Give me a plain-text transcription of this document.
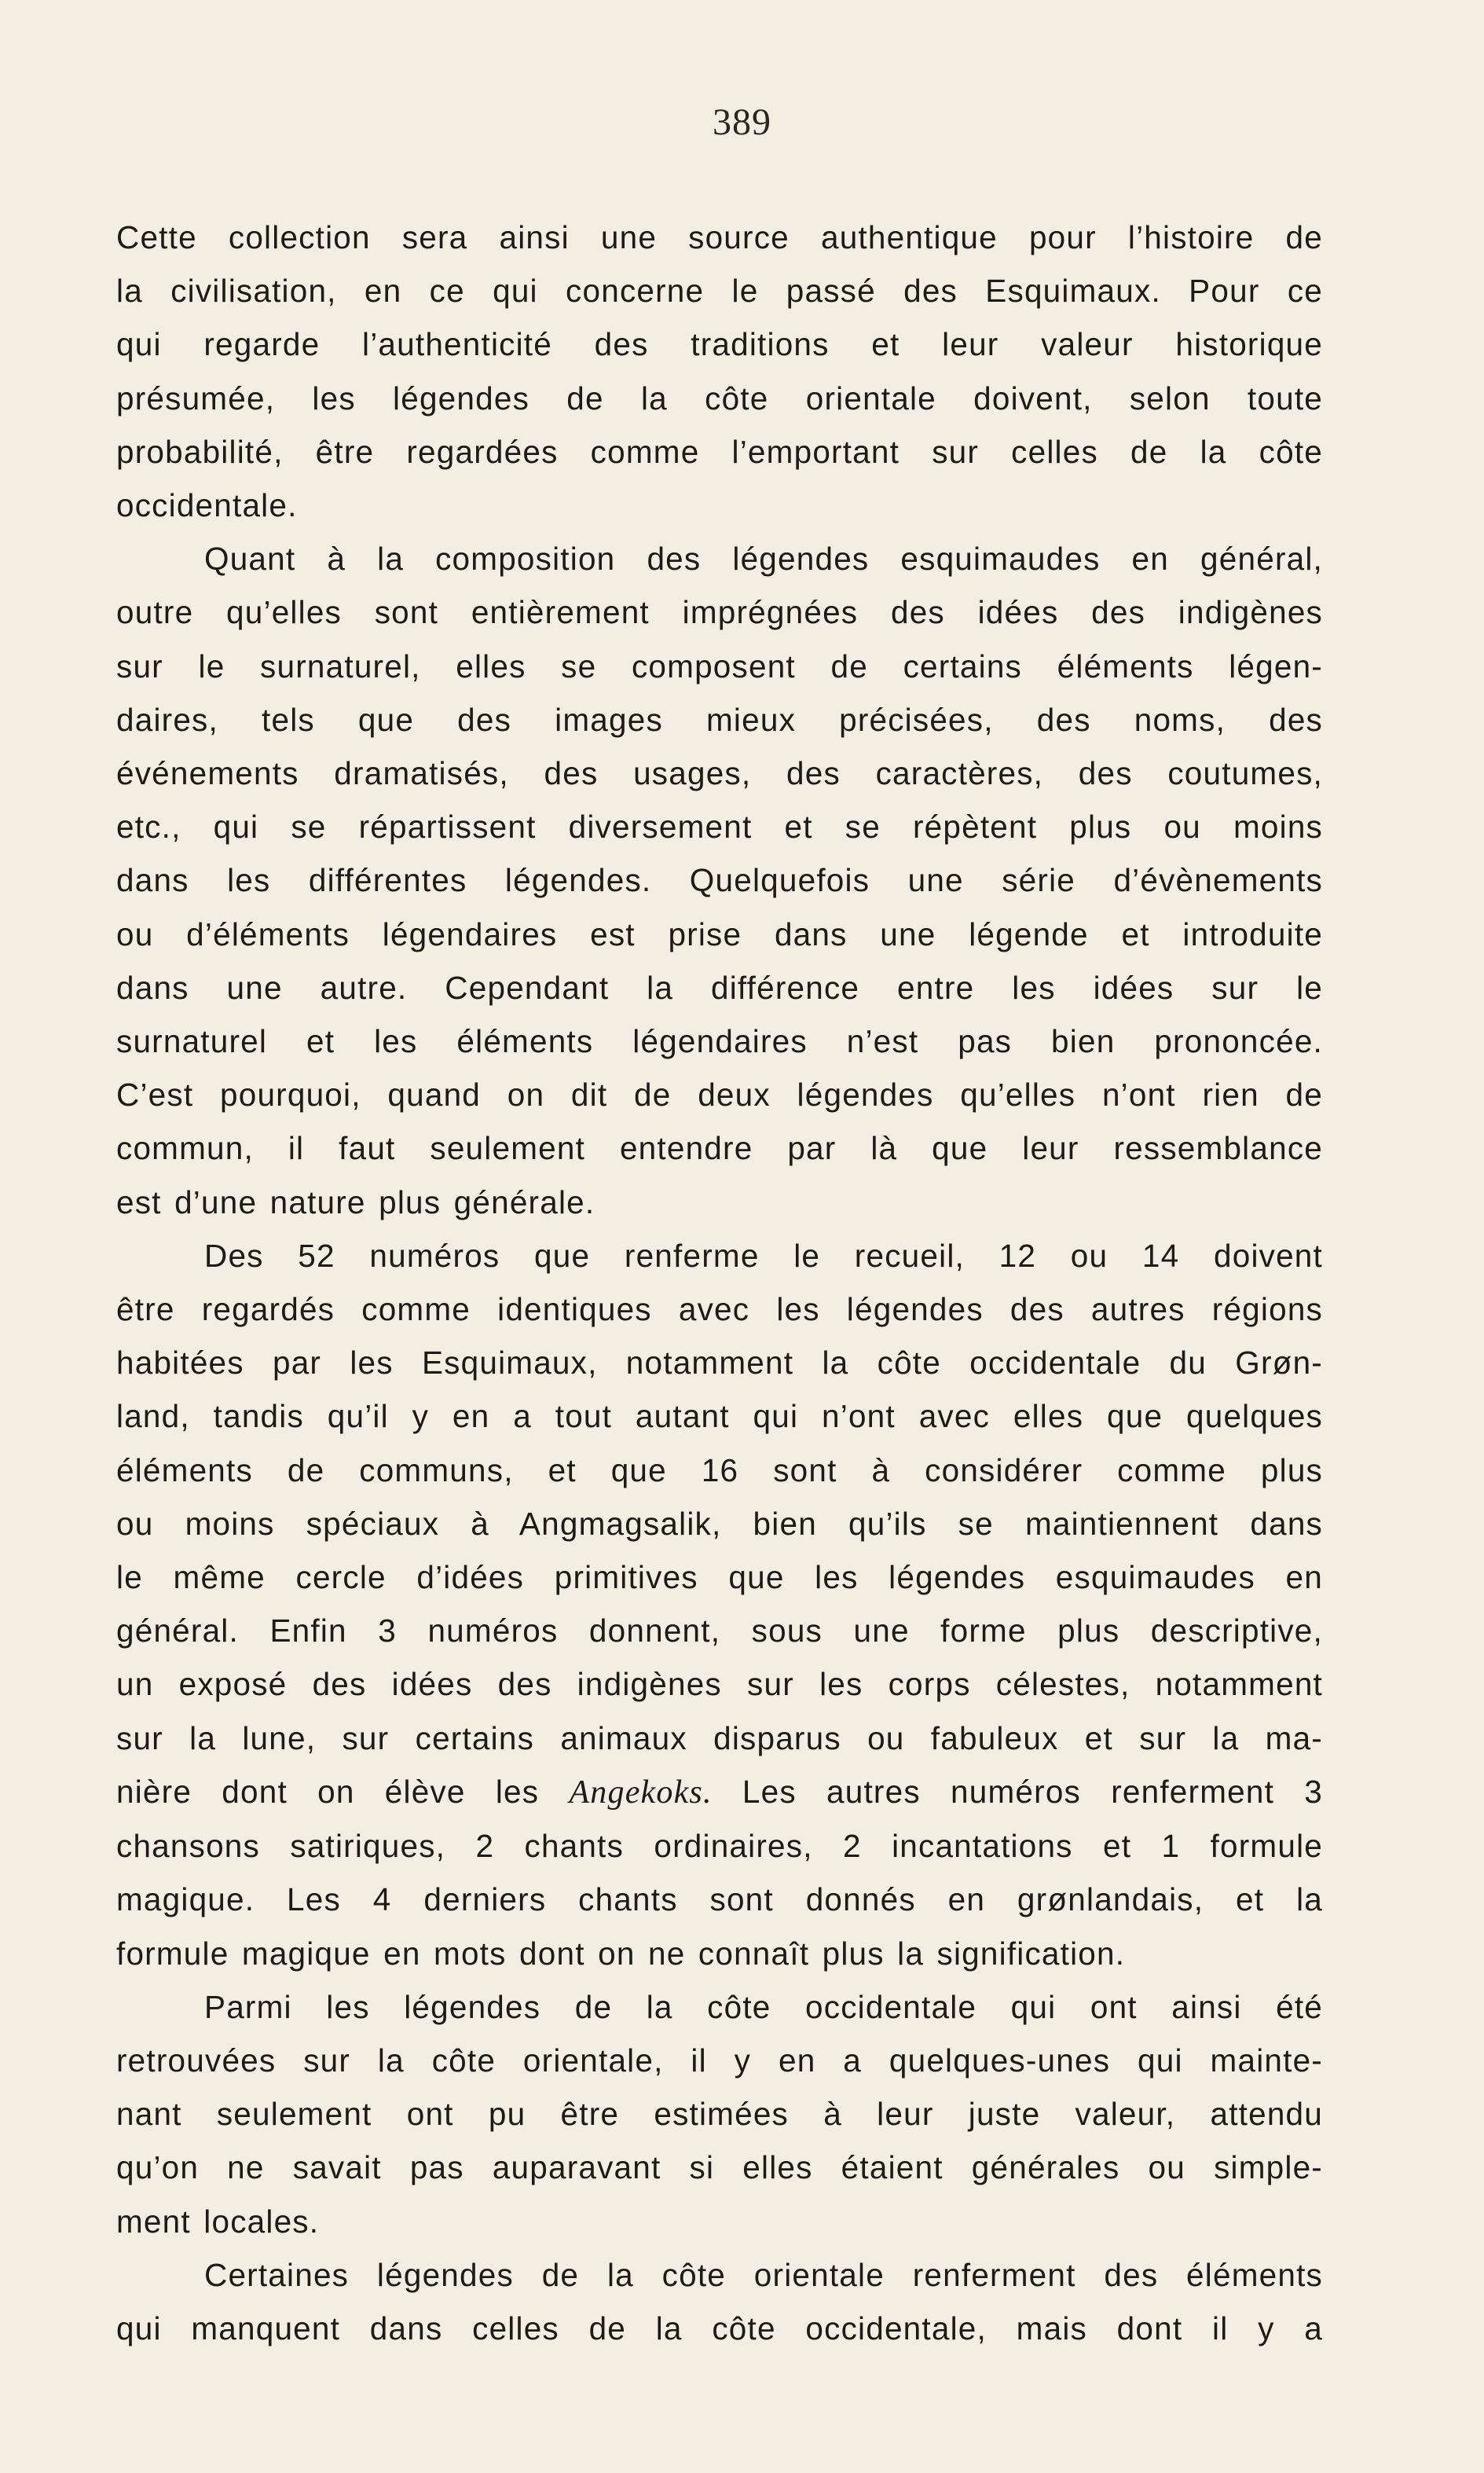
389

Cette collection sera ainsi une source authentique pour l’histoire de

la civilisation, en ce qui concerne le passé des Esquimaux. Pour ce

qui regarde l’authenticité des traditions et leur valeur historique

présumée, les légendes de la côte orientale doivent, selon toute

probabilité, être regardées comme l’emportant sur celles de la côte

occidentale.

Quant à la composition des légendes esquimaudes en général,

outre qu’elles sont entièrement imprégnées des idées des indigènes

sur le surnaturel, elles se composent de certains éléments légen-

daires, tels que des images mieux précisées, des noms, des

événements dramatisés, des usages, des caractères, des coutumes,

etc., qui se répartissent diversement et se répètent plus ou moins

dans les différentes légendes. Quelquefois une série d’évènements

ou d’éléments légendaires est prise dans une légende et introduite

dans une autre. Cependant la différence entre les idées sur le

surnaturel et les éléments légendaires n’est pas bien prononcée.

C’est pourquoi, quand on dit de deux légendes qu’elles n’ont rien de

commun, il faut seulement entendre par là que leur ressemblance

est d’une nature plus générale.

Des 52 numéros que renferme le recueil, 12 ou 14 doivent

être regardés comme identiques avec les légendes des autres régions

habitées par les Esquimaux, notamment la côte occidentale du Grøn-

land, tandis qu’il y en a tout autant qui n’ont avec elles que quelques

éléments de communs, et que 16 sont à considérer comme plus

ou moins spéciaux à Angmagsalik, bien qu’ils se maintiennent dans

le même cercle d’idées primitives que les légendes esquimaudes en

général. Enfin 3 numéros donnent, sous une forme plus descriptive,

un exposé des idées des indigènes sur les corps célestes, notamment

sur la lune, sur certains animaux disparus ou fabuleux et sur la ma-

nière dont on élève les Angekoks. Les autres numéros renferment 3

chansons satiriques, 2 chants ordinaires, 2 incantations et 1 formule

magique. Les 4 derniers chants sont donnés en grønlandais, et la

formule magique en mots dont on ne connaît plus la signification.

Parmi les légendes de la côte occidentale qui ont ainsi été

retrouvées sur la côte orientale, il y en a quelques-unes qui mainte-

nant seulement ont pu être estimées à leur juste valeur, attendu

qu’on ne savait pas auparavant si elles étaient générales ou simple-

ment locales.

Certaines légendes de la côte orientale renferment des éléments

qui manquent dans celles de la côte occidentale, mais dont il y a
